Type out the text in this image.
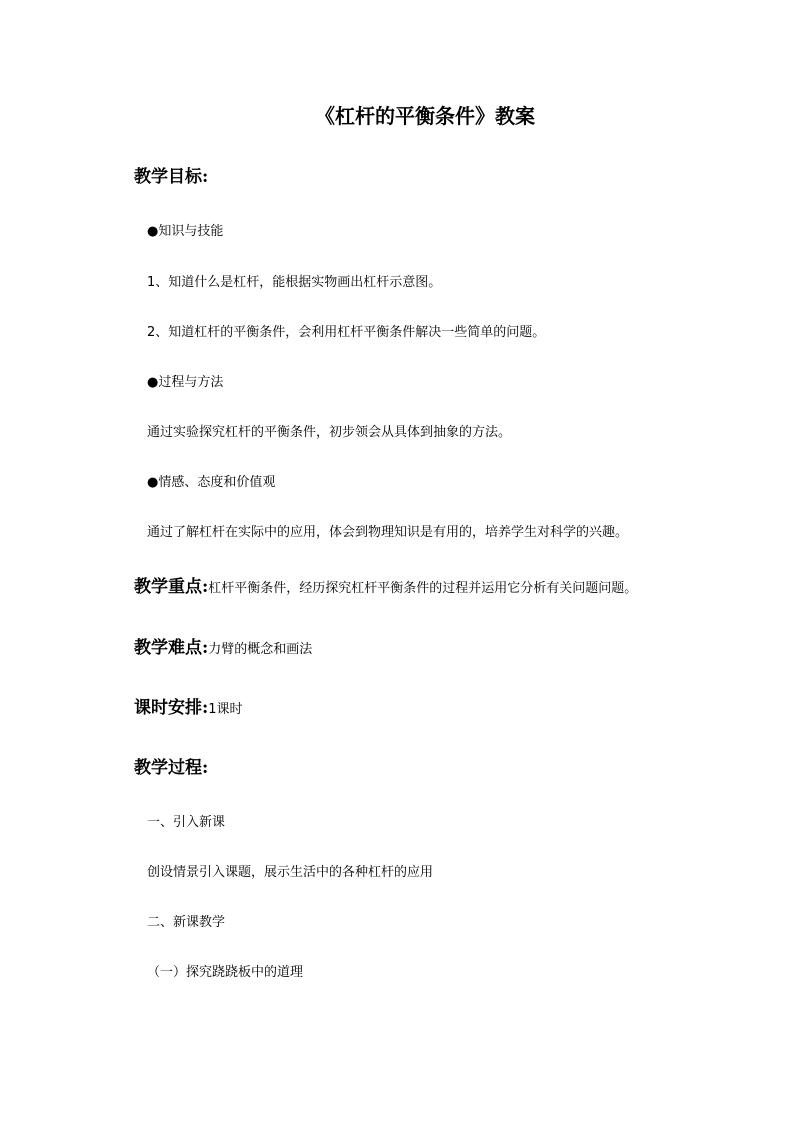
《杠杆的平衡条件》教案
教学目标:
●知识与技能
1、知道什么是杠杆，能根据实物画出杠杆示意图。
2、知道杠杆的平衡条件，会利用杠杆平衡条件解决一些简单的问题。
●过程与方法
通过实验探究杠杆的平衡条件，初步领会从具体到抽象的方法。
●情感、态度和价值观
通过了解杠杆在实际中的应用，体会到物理知识是有用的，培养学生对科学的兴趣。
教学重点:杠杆平衡条件，经历探究杠杆平衡条件的过程并运用它分析有关问题问题。
教学难点:力臂的概念和画法
课时安排:1课时
教学过程:
一、引入新课
创设情景引入课题，展示生活中的各种杠杆的应用
二、新课教学
（一）探究跷跷板中的道理
